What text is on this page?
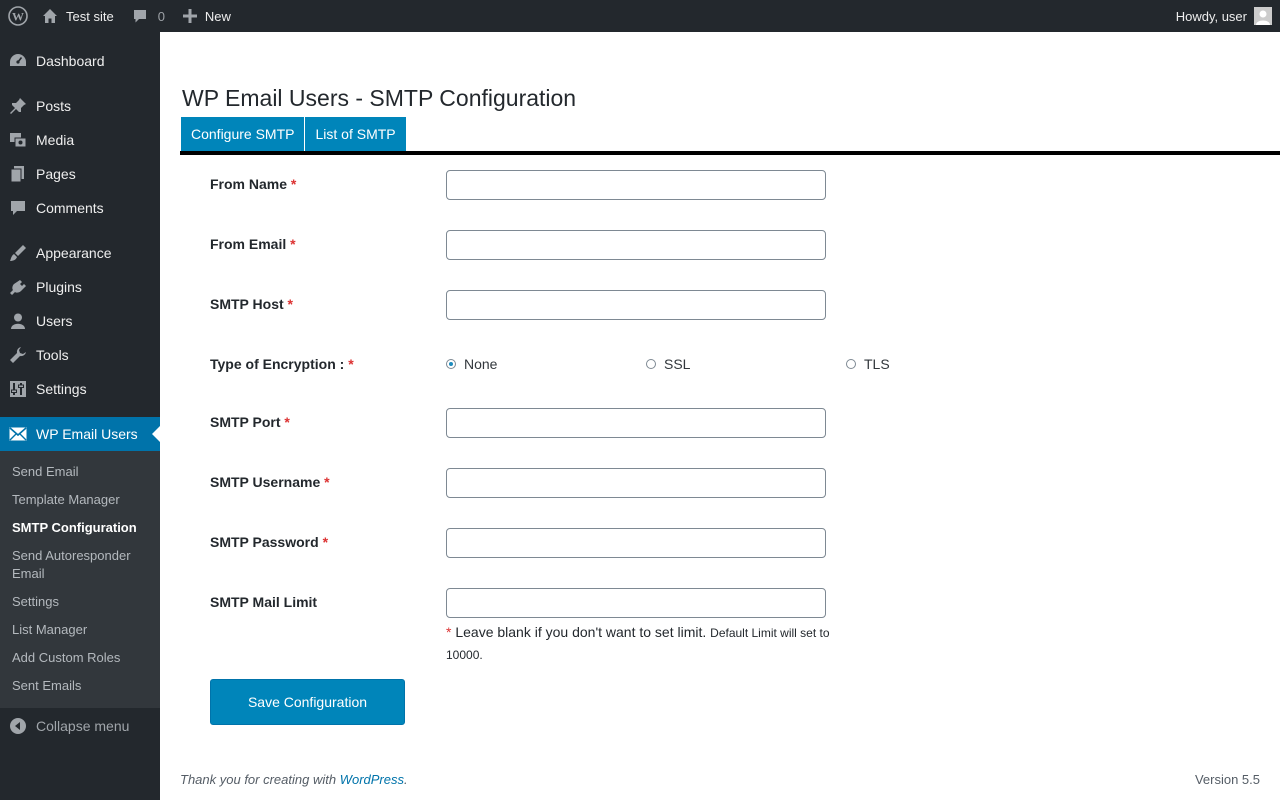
W	Test site	0	New	Howdy, user
Dashboard
Posts
Media
Pages
Comments
Appearance
Plugins
Users
Tools
Settings
WP Email Users
Send Email
Template Manager
SMTP Configuration
Send Autoresponder Email
Settings
List Manager
Add Custom Roles
Sent Emails
Collapse menu
WP Email Users - SMTP Configuration
Configure SMTP	List of SMTP
From Name *
From Email *
SMTP Host *
Type of Encryption : *	None	SSL	TLS
SMTP Port *
SMTP Username *
SMTP Password *
SMTP Mail Limit
* Leave blank if you don't want to set limit. Default Limit will set to 10000.
Save Configuration
Thank you for creating with WordPress.	Version 5.5
